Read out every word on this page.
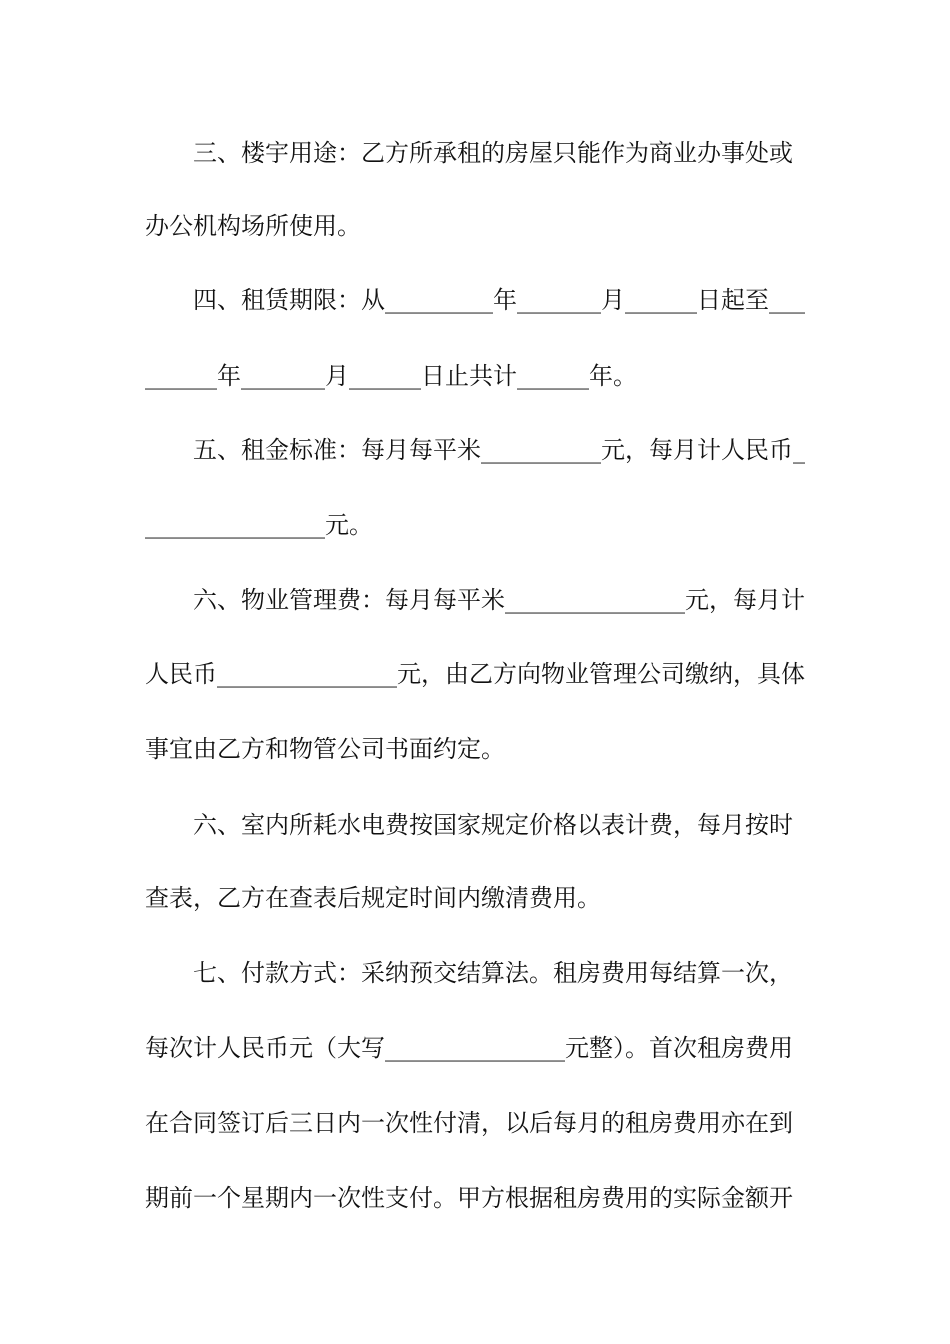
三、楼宇用途：乙方所承租的房屋只能作为商业办事处或
办公机构场所使用。
四、租赁期限：从_________年_______月______日起至___
______年_______月______日止共计______年。
五、租金标准：每月每平米__________元，每月计人民币_
_______________元。
六、物业管理费：每月每平米_______________元，每月计
人民币_______________元，由乙方向物业管理公司缴纳，具体
事宜由乙方和物管公司书面约定。
六、室内所耗水电费按国家规定价格以表计费，每月按时
查表，乙方在查表后规定时间内缴清费用。
七、付款方式：采纳预交结算法。租房费用每结算一次，
每次计人民币元（大写_______________元整）。首次租房费用
在合同签订后三日内一次性付清，以后每月的租房费用亦在到
期前一个星期内一次性支付。甲方根据租房费用的实际金额开
